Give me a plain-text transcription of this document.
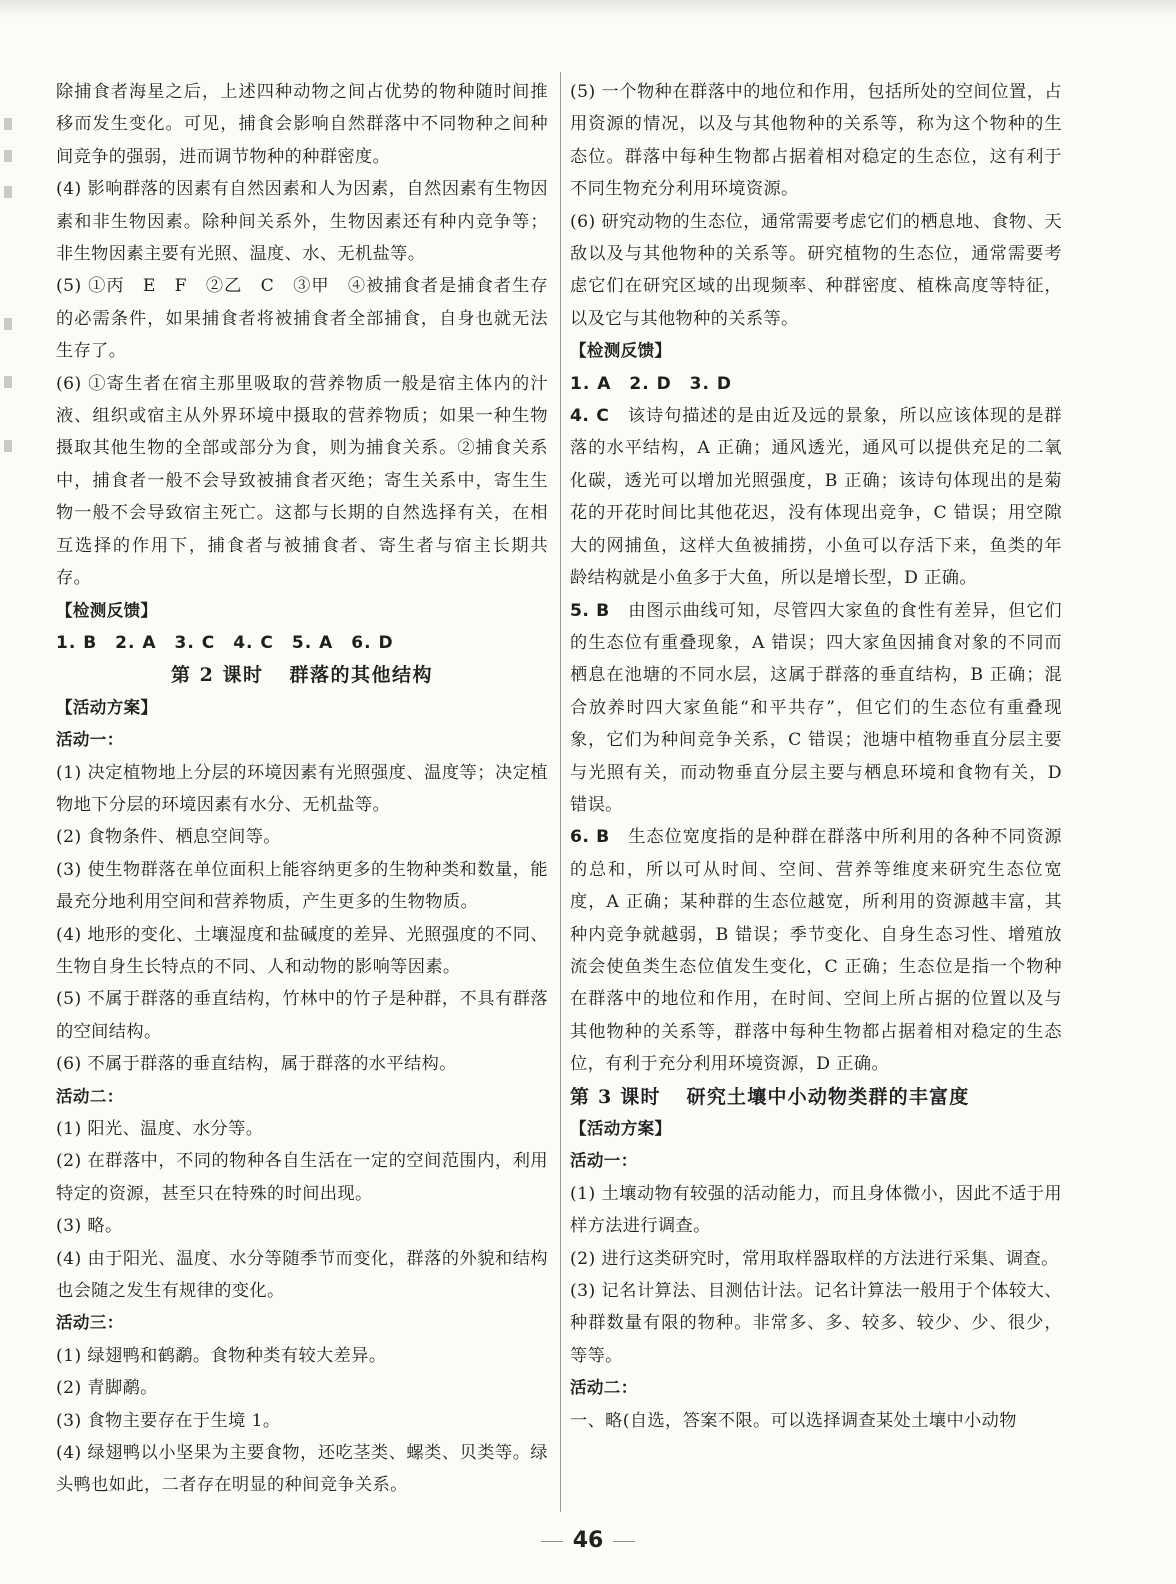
除捕食者海星之后，上述四种动物之间占优势的物种随时间推移而发生变化。可见，捕食会影响自然群落中不同物种之间种间竞争的强弱，进而调节物种的种群密度。

(4) 影响群落的因素有自然因素和人为因素，自然因素有生物因素和非生物因素。除种间关系外，生物因素还有种内竞争等；非生物因素主要有光照、温度、水、无机盐等。

(5) ①丙　E　F　②乙　C　③甲　④被捕食者是捕食者生存的必需条件，如果捕食者将被捕食者全部捕食，自身也就无法生存了。

(6) ①寄生者在宿主那里吸取的营养物质一般是宿主体内的汁液、组织或宿主从外界环境中摄取的营养物质；如果一种生物摄取其他生物的全部或部分为食，则为捕食关系。②捕食关系中，捕食者一般不会导致被捕食者灭绝；寄生关系中，寄生生物一般不会导致宿主死亡。这都与长期的自然选择有关，在相互选择的作用下，捕食者与被捕食者、寄生者与宿主长期共存。

【检测反馈】

1. B　2. A　3. C　4. C　5. A　6. D

第 2 课时 群落的其他结构

【活动方案】

活动一：

(1) 决定植物地上分层的环境因素有光照强度、温度等；决定植物地下分层的环境因素有水分、无机盐等。

(2) 食物条件、栖息空间等。

(3) 使生物群落在单位面积上能容纳更多的生物种类和数量，能最充分地利用空间和营养物质，产生更多的生物物质。

(4) 地形的变化、土壤湿度和盐碱度的差异、光照强度的不同、生物自身生长特点的不同、人和动物的影响等因素。

(5) 不属于群落的垂直结构，竹林中的竹子是种群，不具有群落的空间结构。

(6) 不属于群落的垂直结构，属于群落的水平结构。

活动二：

(1) 阳光、温度、水分等。

(2) 在群落中，不同的物种各自生活在一定的空间范围内，利用特定的资源，甚至只在特殊的时间出现。

(3) 略。

(4) 由于阳光、温度、水分等随季节而变化，群落的外貌和结构也会随之发生有规律的变化。

活动三：

(1) 绿翅鸭和鹤鹬。食物种类有较大差异。

(2) 青脚鹬。

(3) 食物主要存在于生境 1。

(4) 绿翅鸭以小坚果为主要食物，还吃茎类、螺类、贝类等。绿头鸭也如此，二者存在明显的种间竞争关系。

(5) 一个物种在群落中的地位和作用，包括所处的空间位置，占用资源的情况，以及与其他物种的关系等，称为这个物种的生态位。群落中每种生物都占据着相对稳定的生态位，这有利于不同生物充分利用环境资源。

(6) 研究动物的生态位，通常需要考虑它们的栖息地、食物、天敌以及与其他物种的关系等。研究植物的生态位，通常需要考虑它们在研究区域的出现频率、种群密度、植株高度等特征，以及它与其他物种的关系等。

【检测反馈】

1. A　2. D　3. D

4. C　 该诗句描述的是由近及远的景象，所以应该体现的是群落的水平结构，A 正确；通风透光，通风可以提供充足的二氧化碳，透光可以增加光照强度，B 正确；该诗句体现出的是菊花的开花时间比其他花迟，没有体现出竞争，C 错误；用空隙大的网捕鱼，这样大鱼被捕捞，小鱼可以存活下来，鱼类的年龄结构就是小鱼多于大鱼，所以是增长型，D 正确。

5. B　 由图示曲线可知，尽管四大家鱼的食性有差异，但它们的生态位有重叠现象，A 错误；四大家鱼因捕食对象的不同而栖息在池塘的不同水层，这属于群落的垂直结构，B 正确；混合放养时四大家鱼能“和平共存”，但它们的生态位有重叠现象，它们为种间竞争关系，C 错误；池塘中植物垂直分层主要与光照有关，而动物垂直分层主要与栖息环境和食物有关，D 错误。

6. B　 生态位宽度指的是种群在群落中所利用的各种不同资源的总和，所以可从时间、空间、营养等维度来研究生态位宽度，A 正确；某种群的生态位越宽，所利用的资源越丰富，其种内竞争就越弱，B 错误；季节变化、自身生态习性、增殖放流会使鱼类生态位值发生变化，C 正确；生态位是指一个物种在群落中的地位和作用，在时间、空间上所占据的位置以及与其他物种的关系等，群落中每种生物都占据着相对稳定的生态位，有利于充分利用环境资源，D 正确。

第 3 课时 研究土壤中小动物类群的丰富度

【活动方案】

活动一：

(1) 土壤动物有较强的活动能力，而且身体微小，因此不适于用样方法进行调查。

(2) 进行这类研究时，常用取样器取样的方法进行采集、调查。

(3) 记名计算法、目测估计法。记名计算法一般用于个体较大、种群数量有限的物种。非常多、多、较多、较少、少、很少，等等。

活动二：

一、略(自选，答案不限。可以选择调查某处土壤中小动物

46
